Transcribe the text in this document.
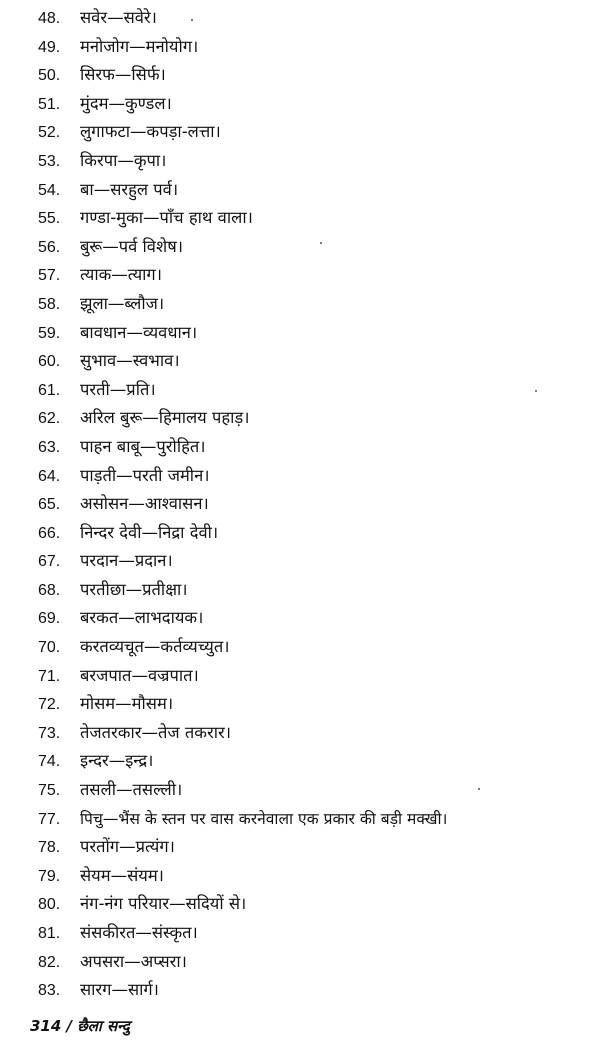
48. सवेर—सवेरे।
49. मनोजोग—मनोयोग।
50. सिरफ—सिर्फ।
51. मुंदम—कुण्डल।
52. लुगाफटा—कपड़ा-लत्ता।
53. किरपा—कृपा।
54. बा—सरहुल पर्व।
55. गण्डा-मुका—पाँच हाथ वाला।
56. बुरू—पर्व विशेष।
57. त्याक—त्याग।
58. झूला—ब्लौज।
59. बावधान—व्यवधान।
60. सुभाव—स्वभाव।
61. परती—प्रति।
62. अरिल बुरू—हिमालय पहाड़।
63. पाहन बाबू—पुरोहित।
64. पाड़ती—परती जमीन।
65. असोसन—आश्वासन।
66. निन्दर देवी—निद्रा देवी।
67. परदान—प्रदान।
68. परतीछा—प्रतीक्षा।
69. बरकत—लाभदायक।
70. करतव्यचूत—कर्तव्यच्युत।
71. बरजपात—वज्रपात।
72. मोसम—मौसम।
73. तेजतरकार—तेज तकरार।
74. इन्दर—इन्द्र।
75. तसली—तसल्ली।
77. पिचु—भैंस के स्तन पर वास करनेवाला एक प्रकार की बड़ी मक्खी।
78. परतोंग—प्रत्यंग।
79. सेयम—संयम।
80. नंग-नंग परियार—सदियों से।
81. संसकीरत—संस्कृत।
82. अपसरा—अप्सरा।
83. सारग—सार्ग।
314 / छैला सन्दु
